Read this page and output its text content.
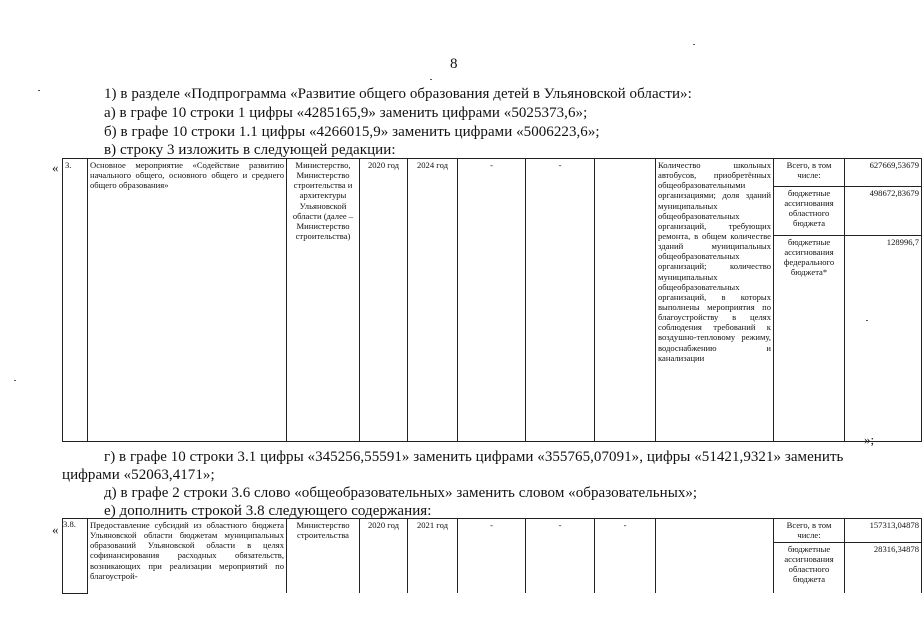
8
1) в разделе «Подпрограмма «Развитие общего образования детей в Ульяновской области»:
а) в графе 10 строки 1 цифры «4285165,9» заменить цифрами «5025373,6»;
б) в графе 10 строки 1.1 цифры «4266015,9» заменить цифрами «5006223,6»;
в) строку 3 изложить в следующей редакции:
« 3.	Основное мероприятие «Содействие развитию начального общего, основного общего и среднего общего образования»	Министерство, Министерство строительства и архитектуры Ульяновской области (далее – Министерство строительства)	2020 год	2024 год	-	-		Количество школьных автобусов, приобретённых общеобразовательными организациями; доля зданий муниципальных общеобразовательных организаций, требующих ремонта, в общем количестве зданий муниципальных общеобразовательных организаций; количество муниципальных общеобразовательных организаций, в которых выполнены мероприятия по благоустройству в целях соблюдения требований к воздушно-тепловому режиму, водоснабжению и канализации	Всего, в том числе:	627669,53679
									бюджетные ассигнования областного бюджета	498672,83679
									бюджетные ассигнования федерального бюджета*	128996,7
»;
г) в графе 10 строки 3.1 цифры «345256,55591» заменить цифрами «355765,07091», цифры «51421,9321» заменить
цифрами «52063,4171»;
д) в графе 2 строки 3.6 слово «общеобразовательных» заменить словом «образовательных»;
е) дополнить строкой 3.8 следующего содержания:
« 3.8.	Предоставление субсидий из областного бюджета Ульяновской области бюджетам муниципальных образований Ульяновской области в целях софинансирования расходных обязательств, возникающих при реализации мероприятий по благоустрой-	Министерство строительства	2020 год	2021 год	-	-	-		Всего, в том числе:	157313,04878
									бюджетные ассигнования областного бюджета	28316,34878
